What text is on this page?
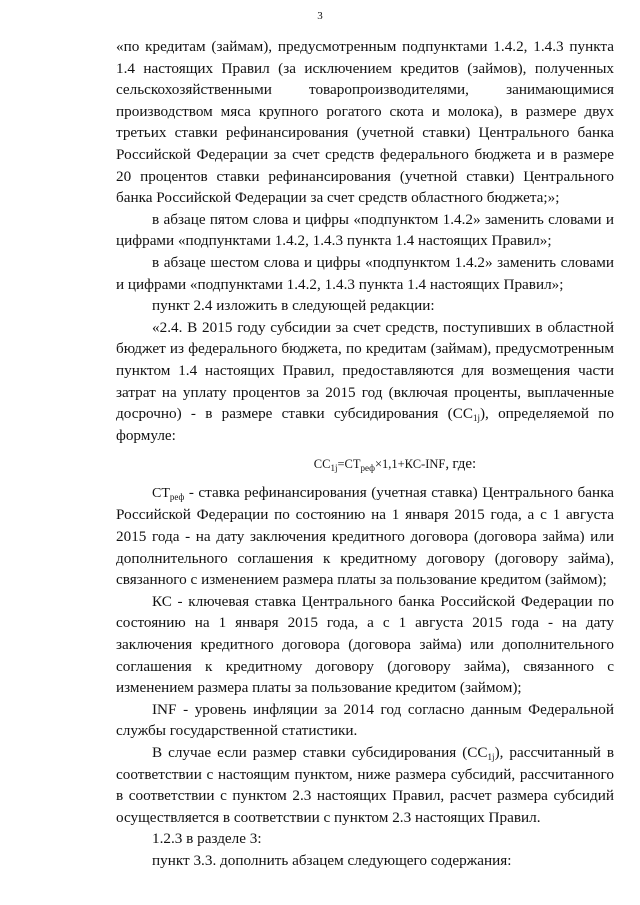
3

«по кредитам (займам), предусмотренным подпунктами 1.4.2, 1.4.3 пункта 1.4 настоящих Правил (за исключением кредитов (займов), полученных сельскохозяйственными товаропроизводителями, занимающимися производством мяса крупного рогатого скота и молока), в размере двух третьих ставки рефинансирования (учетной ставки) Центрального банка Российской Федерации за счет средств федерального бюджета и в размере 20 процентов ставки рефинансирования (учетной ставки) Центрального банка Российской Федерации за счет средств областного бюджета;»;

в абзаце пятом слова и цифры «подпунктом 1.4.2» заменить словами и цифрами «подпунктами 1.4.2, 1.4.3 пункта 1.4 настоящих Правил»;

в абзаце шестом слова и цифры «подпунктом 1.4.2» заменить словами и цифрами «подпунктами 1.4.2, 1.4.3 пункта 1.4 настоящих Правил»;

пункт 2.4 изложить в следующей редакции:

«2.4. В 2015 году субсидии за счет средств, поступивших в областной бюджет из федерального бюджета, по кредитам (займам), предусмотренным пунктом 1.4 настоящих Правил, предоставляются для возмещения части затрат на уплату процентов за 2015 год (включая проценты, выплаченные досрочно) - в размере ставки субсидирования $(СС_{1j})$, определяемой по формуле:

$СС_{1j}=СТ_{реф}\times 1,1+КС$-INF, где:

$СТ_{реф}$ - ставка рефинансирования (учетная ставка) Центрального банка Российской Федерации по состоянию на 1 января 2015 года, а с 1 августа 2015 года - на дату заключения кредитного договора (договора займа) или дополнительного соглашения к кредитному договору (договору займа), связанного с изменением размера платы за пользование кредитом (займом);

КС - ключевая ставка Центрального банка Российской Федерации по состоянию на 1 января 2015 года, а с 1 августа 2015 года - на дату заключения кредитного договора (договора займа) или дополнительного соглашения к кредитному договору (договору займа), связанного с изменением размера платы за пользование кредитом (займом);

INF - уровень инфляции за 2014 год согласно данным Федеральной службы государственной статистики.

В случае если размер ставки субсидирования $(СС_{1j})$, рассчитанный в соответствии с настоящим пунктом, ниже размера субсидий, рассчитанного в соответствии с пунктом 2.3 настоящих Правил, расчет размера субсидий осуществляется в соответствии с пунктом 2.3 настоящих Правил.

1.2.3 в разделе 3:

пункт 3.3. дополнить абзацем следующего содержания:
